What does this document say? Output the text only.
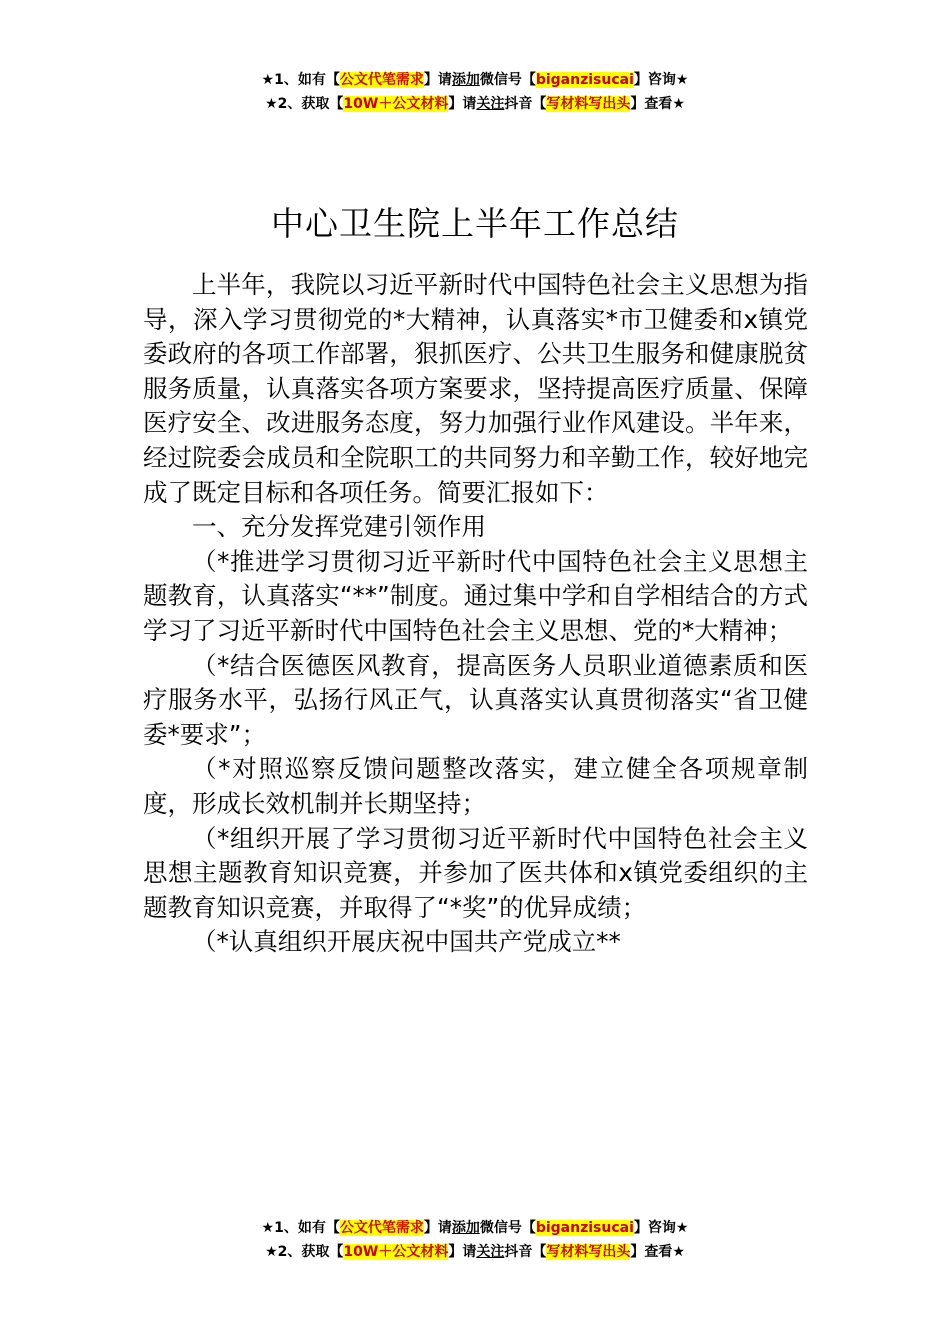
★1、如有【公文代笔需求】请添加微信号【biganzisucai】咨询★
★2、获取【10W＋公文材料】请关注抖音【写材料写出头】查看★
中心卫生院上半年工作总结

上半年，我院以习近平新时代中国特色社会主义思想为指导，深入学习贯彻党的*大精神，认真落实*市卫健委和x镇党委政府的各项工作部署，狠抓医疗、公共卫生服务和健康脱贫服务质量，认真落实各项方案要求，坚持提高医疗质量、保障医疗安全、改进服务态度，努力加强行业作风建设。半年来，经过院委会成员和全院职工的共同努力和辛勤工作，较好地完成了既定目标和各项任务。简要汇报如下：

一、充分发挥党建引领作用

（*推进学习贯彻习近平新时代中国特色社会主义思想主题教育，认真落实“**”制度。通过集中学和自学相结合的方式学习了习近平新时代中国特色社会主义思想、党的*大精神；

（*结合医德医风教育，提高医务人员职业道德素质和医疗服务水平，弘扬行风正气，认真落实认真贯彻落实“省卫健委*要求”；

（*对照巡察反馈问题整改落实，建立健全各项规章制度，形成长效机制并长期坚持；

（*组织开展了学习贯彻习近平新时代中国特色社会主义思想主题教育知识竞赛，并参加了医共体和x镇党委组织的主题教育知识竞赛，并取得了“*奖”的优异成绩；

（*认真组织开展庆祝中国共产党成立**

★1、如有【公文代笔需求】请添加微信号【biganzisucai】咨询★
★2、获取【10W＋公文材料】请关注抖音【写材料写出头】查看★
